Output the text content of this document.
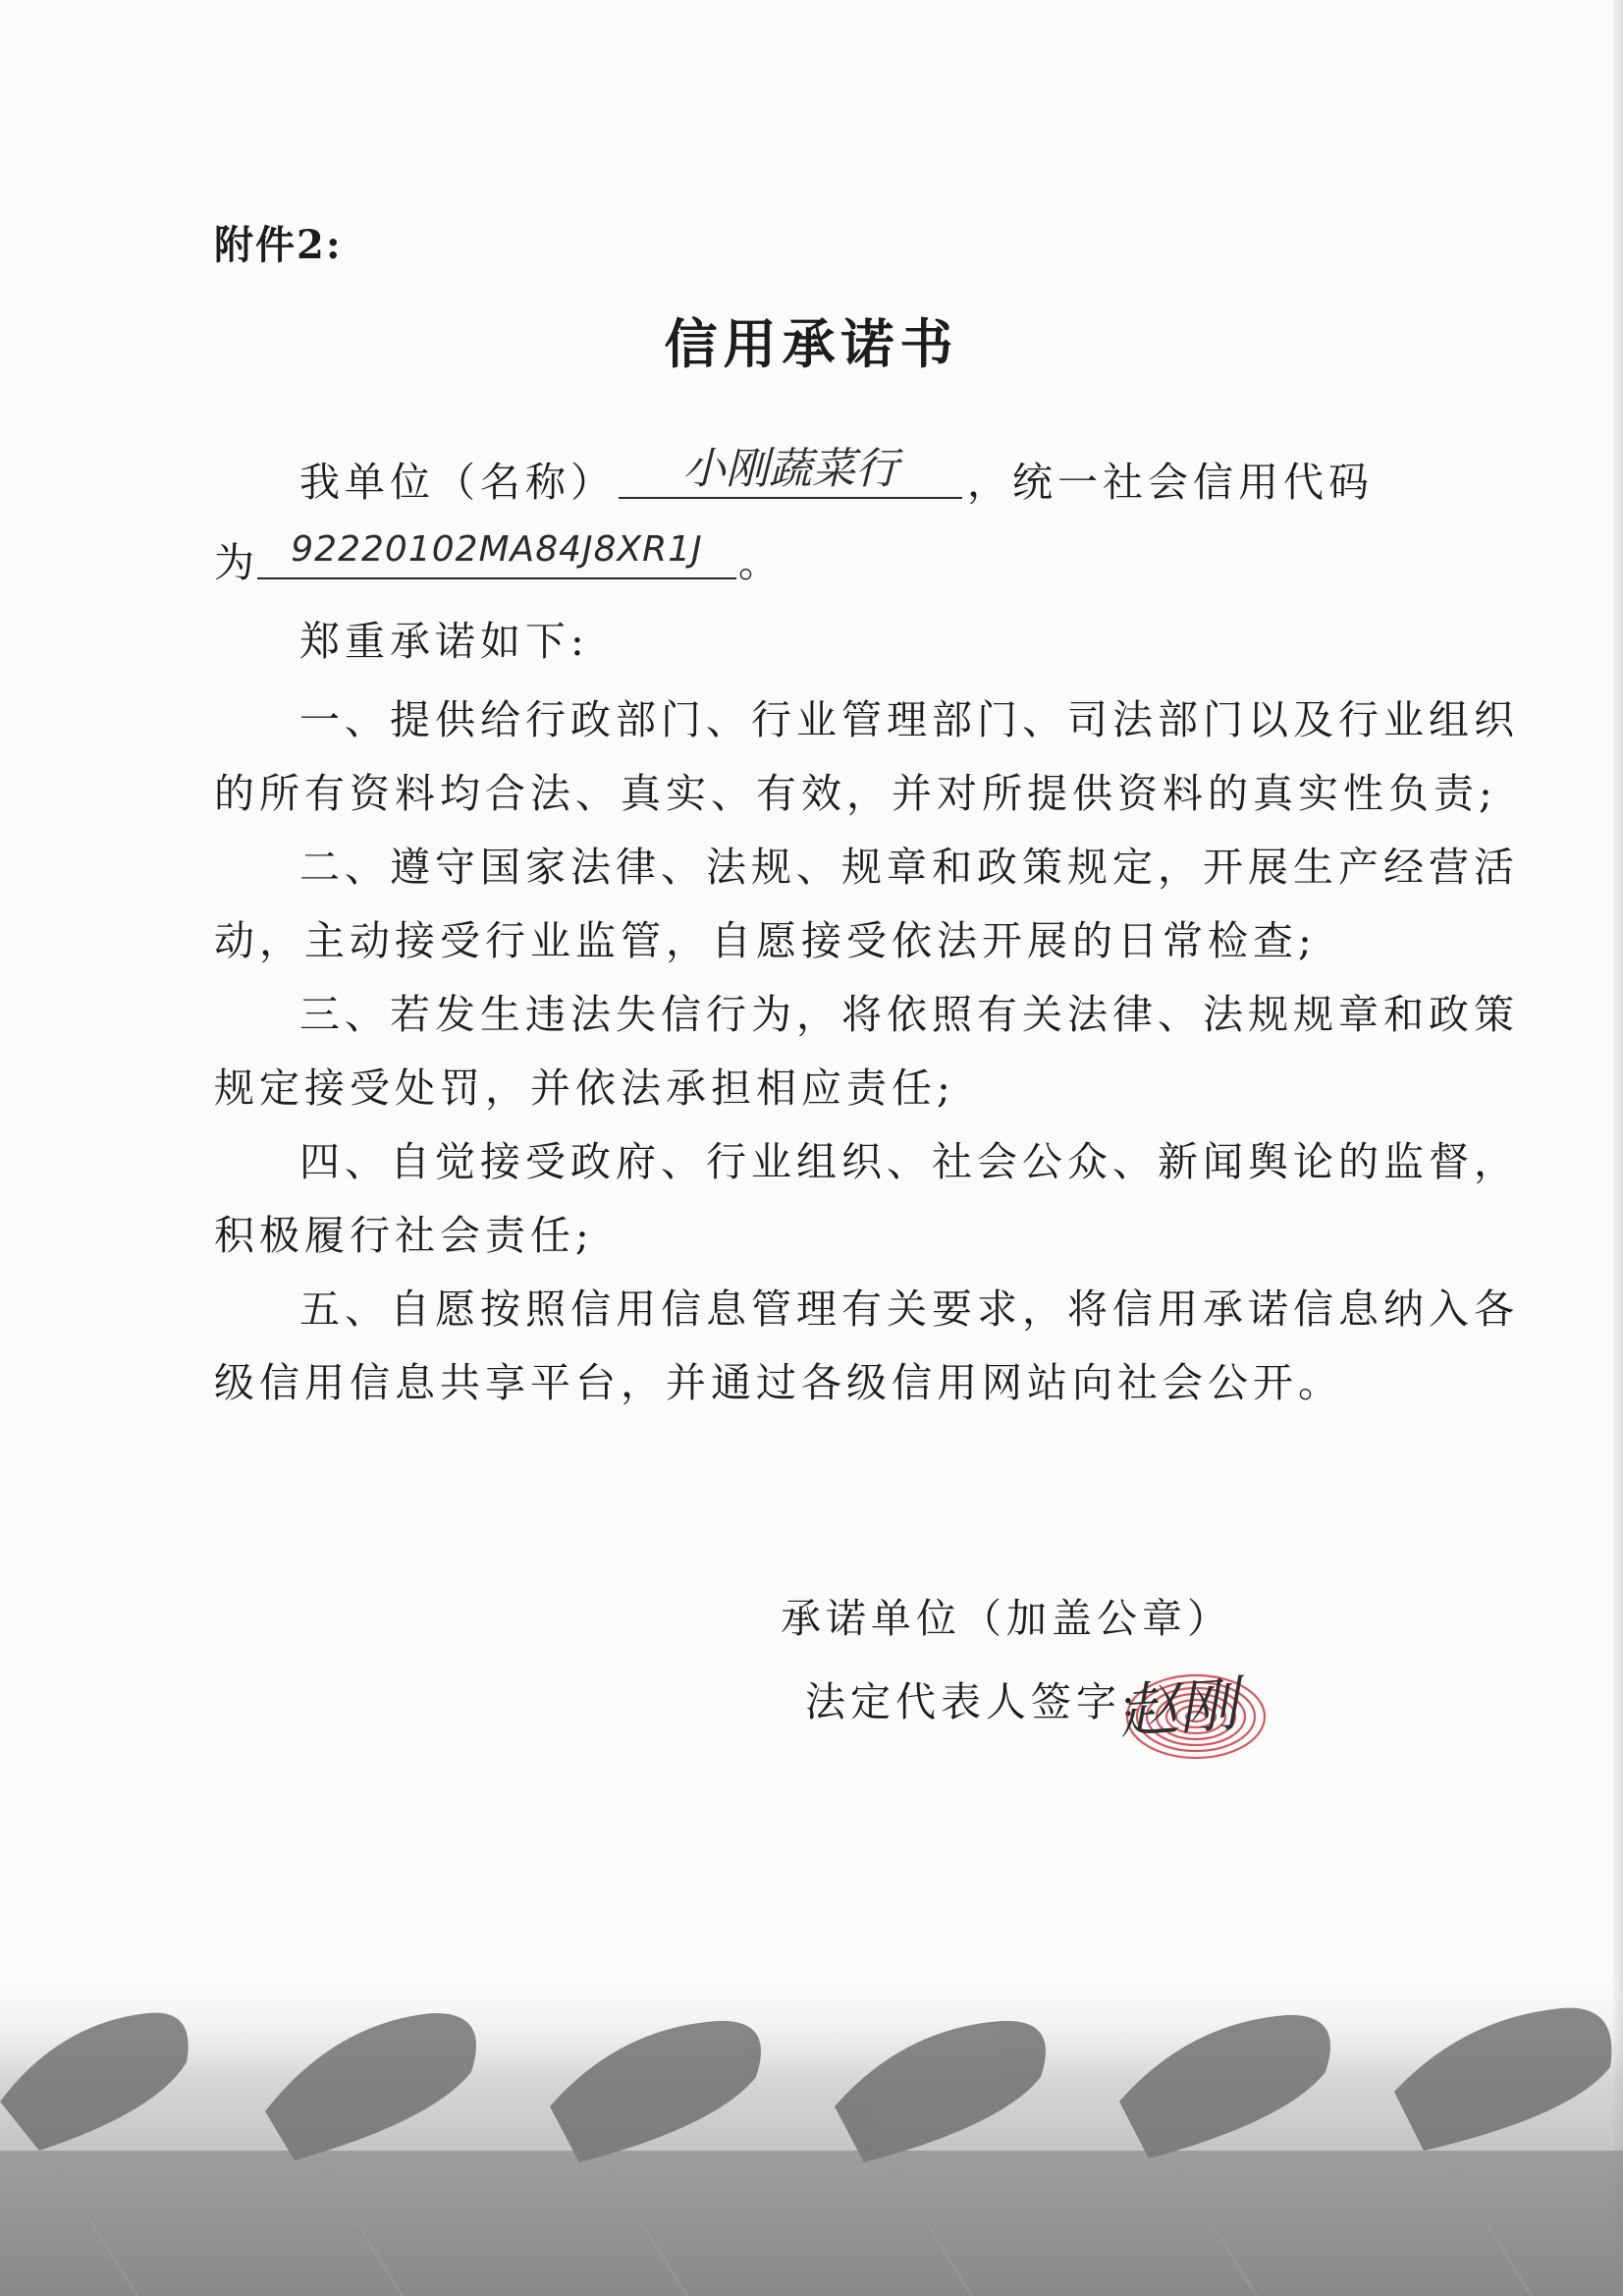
附件2:
信用承诺书
我单位（名称）	小刚蔬菜行	，统一社会信用代码
为 92220102MA84J8XR1J 。
郑重承诺如下:
一、提供给行政部门、行业管理部门、司法部门以及行业组织
的所有资料均合法、真实、有效，并对所提供资料的真实性负责;
二、遵守国家法律、法规、规章和政策规定，开展生产经营活
动，主动接受行业监管，自愿接受依法开展的日常检查;
三、若发生违法失信行为，将依照有关法律、法规规章和政策
规定接受处罚，并依法承担相应责任;
四、自觉接受政府、行业组织、社会公众、新闻舆论的监督，
积极履行社会责任;
五、自愿按照信用信息管理有关要求，将信用承诺信息纳入各
级信用信息共享平台，并通过各级信用网站向社会公开。
承诺单位（加盖公章）
法定代表人签字:
赵刚
